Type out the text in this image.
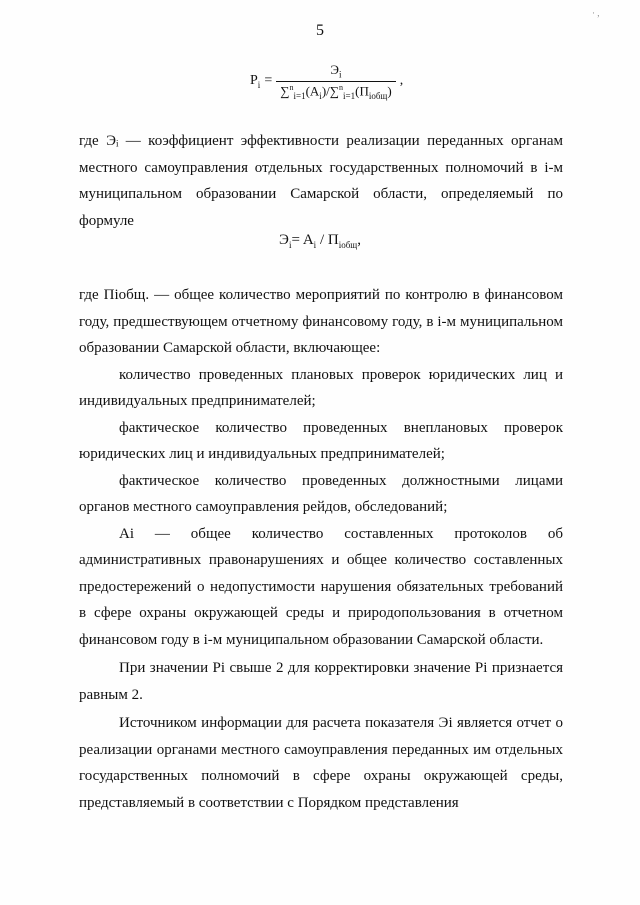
· ,
5
$P_i = \frac{Э_i}{\sum^n_{i=1}(A_i)/\sum^n_{i=1}(П_{іобщ})}$ ,

где Эᵢ — коэффициент эффективности реализации переданных органам местного самоуправления отдельных государственных полномочий в i-м муниципальном образовании Самарской области, определяемый по формуле

$Э_i= A_i / П_{іобщ}$,

где Пiобщ. — общее количество мероприятий по контролю в финансовом году, предшествующем отчетному финансовому году, в i-м муниципальном образовании Самарской области, включающее:

количество проведенных плановых проверок юридических лиц и индивидуальных предпринимателей;

фактическое количество проведенных внеплановых проверок юридических лиц и индивидуальных предпринимателей;

фактическое количество проведенных должностными лицами органов местного самоуправления рейдов, обследований;

Ai — общее количество составленных протоколов об административных правонарушениях и общее количество составленных предостережений о недопустимости нарушения обязательных требований в сфере охраны окружающей среды и природопользования в отчетном финансовом году в i-м муниципальном образовании Самарской области.

При значении Pi свыше 2 для корректировки значение Pi признается равным 2.

Источником информации для расчета показателя Эi является отчет о реализации органами местного самоуправления переданных им отдельных государственных полномочий в сфере охраны окружающей среды, представляемый в соответствии с Порядком представления
